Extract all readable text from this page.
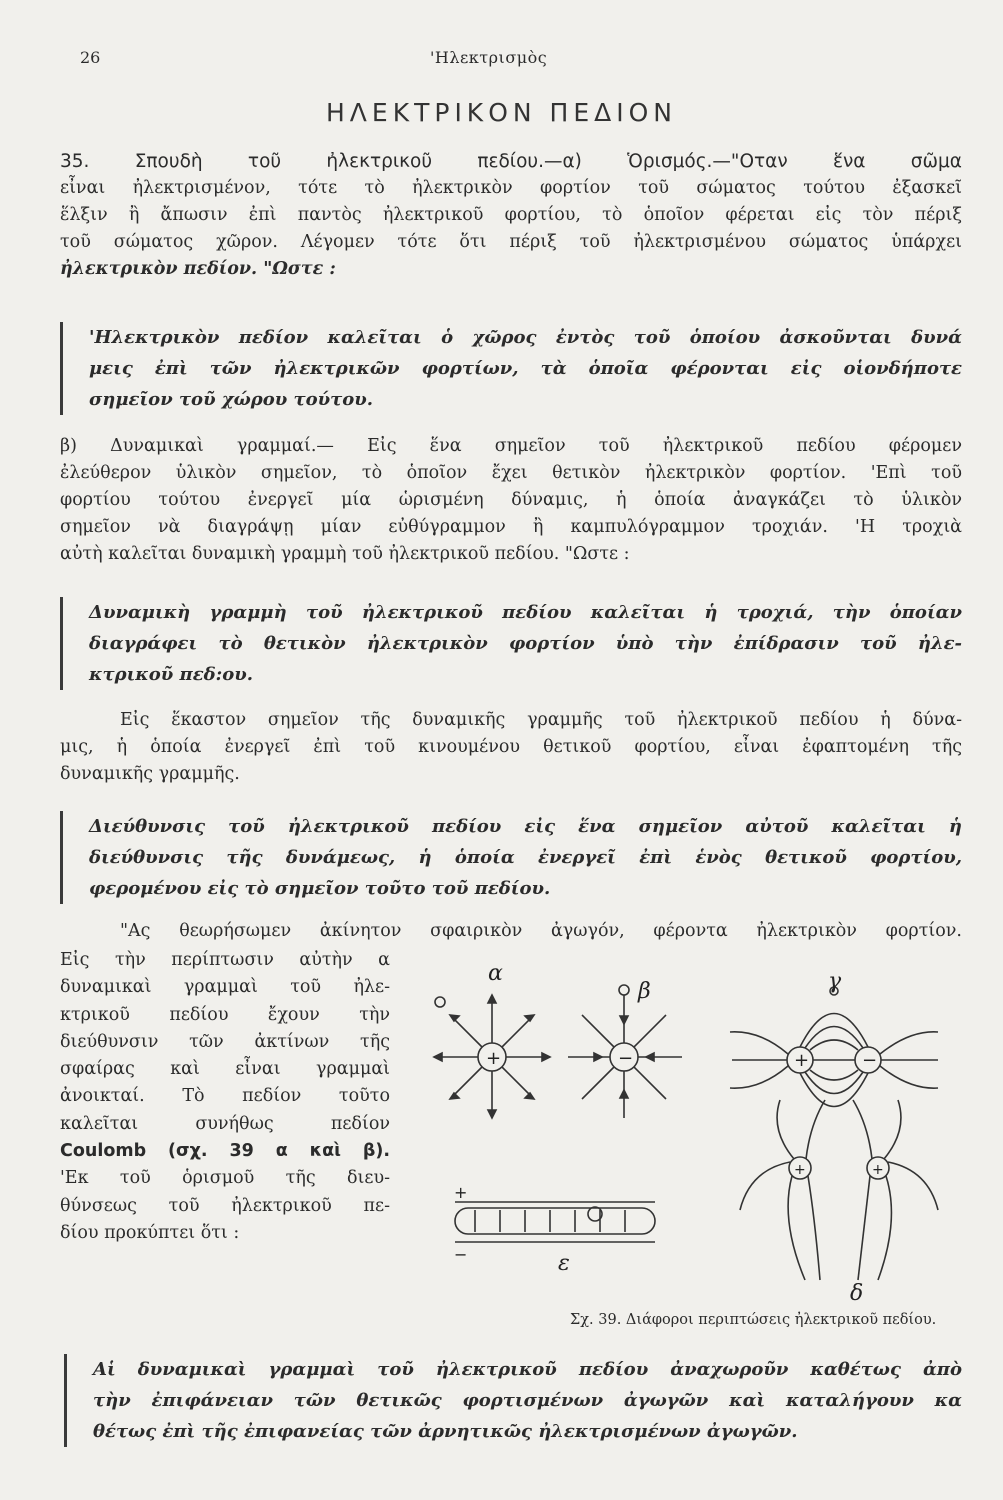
26	'Ηλεκτρισμὸς
ΗΛΕΚΤΡΙΚΟΝ ΠΕΔΙΟΝ
35. Σπουδὴ τοῦ ἠλεκτρικοῦ πεδίου.—α) Ὁρισμός.—"Οταν ἕνα σῶμα
εἶναι ἠλεκτρισμένον, τότε τὸ ἠλεκτρικὸν φορτίον τοῦ σώματος τούτου ἐξασκεῖ
ἕλξιν ἢ ἄπωσιν ἐπὶ παντὸς ἠλεκτρικοῦ φορτίου, τὸ ὁποῖον φέρεται εἰς τὸν πέριξ
τοῦ σώματος χῶρον. Λέγομεν τότε ὅτι πέριξ τοῦ ἠλεκτρισμένου σώματος ὑπάρχει
ἠλεκτρικὸν πεδίον. "Ωστε :
'Ηλεκτρικὸν πεδίον καλεῖται ὁ χῶρος ἐντὸς τοῦ ὁποίου ἀσκοῦνται δυνά
μεις ἐπὶ τῶν ἠλεκτρικῶν φορτίων, τὰ ὁποῖα φέρονται εἰς οἱονδήποτε
σημεῖον τοῦ χώρου τούτου.
β) Δυναμικαὶ γραμμαί.— Εἰς ἕνα σημεῖον τοῦ ἠλεκτρικοῦ πεδίου φέρομεν
ἐλεύθερον ὑλικὸν σημεῖον, τὸ ὁποῖον ἔχει θετικὸν ἠλεκτρικὸν φορτίον. 'Επὶ τοῦ
φορτίου τούτου ἐνεργεῖ μία ὡρισμένη δύναμις, ἡ ὁποία ἀναγκάζει τὸ ὑλικὸν
σημεῖον νὰ διαγράψῃ μίαν εὐθύγραμμον ἢ καμπυλόγραμμον τροχιάν. 'Η τροχιὰ
αὐτὴ καλεῖται δυναμικὴ γραμμὴ τοῦ ἠλεκτρικοῦ πεδίου. "Ωστε :
Δυναμικὴ γραμμὴ τοῦ ἠλεκτρικοῦ πεδίου καλεῖται ἡ τροχιά, τὴν ὁποίαν
διαγράφει τὸ θετικὸν ἠλεκτρικὸν φορτίον ὑπὸ τὴν ἐπίδρασιν τοῦ ἠλε-
κτρικοῦ πεδ:ου.
Εἰς ἕκαστον σημεῖον τῆς δυναμικῆς γραμμῆς τοῦ ἠλεκτρικοῦ πεδίου ἡ δύνα-
μις, ἡ ὁποία ἐνεργεῖ ἐπὶ τοῦ κινουμένου θετικοῦ φορτίου, εἶναι ἐφαπτομένη τῆς
δυναμικῆς γραμμῆς.
Διεύθυνσις τοῦ ἠλεκτρικοῦ πεδίου εἰς ἕνα σημεῖον αὐτοῦ καλεῖται ἡ
διεύθυνσις τῆς δυνάμεως, ἡ ὁποία ἐνεργεῖ ἐπὶ ἑνὸς θετικοῦ φορτίου,
φερομένου εἰς τὸ σημεῖον τοῦτο τοῦ πεδίου.
"Ας θεωρήσωμεν ἀκίνητον σφαιρικὸν ἀγωγόν, φέροντα ἠλεκτρικὸν φορτίον.
Εἰς τὴν περίπτωσιν αὐτὴν α
δυναμικαὶ γραμμαὶ τοῦ ἠλε-
κτρικοῦ πεδίου ἔχουν τὴν
διεύθυνσιν τῶν ἀκτίνων τῆς
σφαίρας καὶ εἶναι γραμμαὶ
ἀνοικταί. Τὸ πεδίον τοῦτο
καλεῖται συνήθως πεδίον
Coulomb (σχ. 39 α καὶ β).
'Εκ τοῦ ὁρισμοῦ τῆς διευ-
θύνσεως τοῦ ἠλεκτρικοῦ πε-
δίου προκύπτει ὅτι :
+	−	+	−
+	+
+
−
α
β	γ
δ
ε
Σχ. 39. Διάφοροι περιπτώσεις ἠλεκτρικοῦ πεδίου.
Αἱ δυναμικαὶ γραμμαὶ τοῦ ἠλεκτρικοῦ πεδίου ἀναχωροῦν καθέτως ἀπὸ
τὴν ἐπιφάνειαν τῶν θετικῶς φορτισμένων ἀγωγῶν καὶ καταλήγουν κα
θέτως ἐπὶ τῆς ἐπιφανείας τῶν ἀρνητικῶς ἠλεκτρισμένων ἀγωγῶν.
